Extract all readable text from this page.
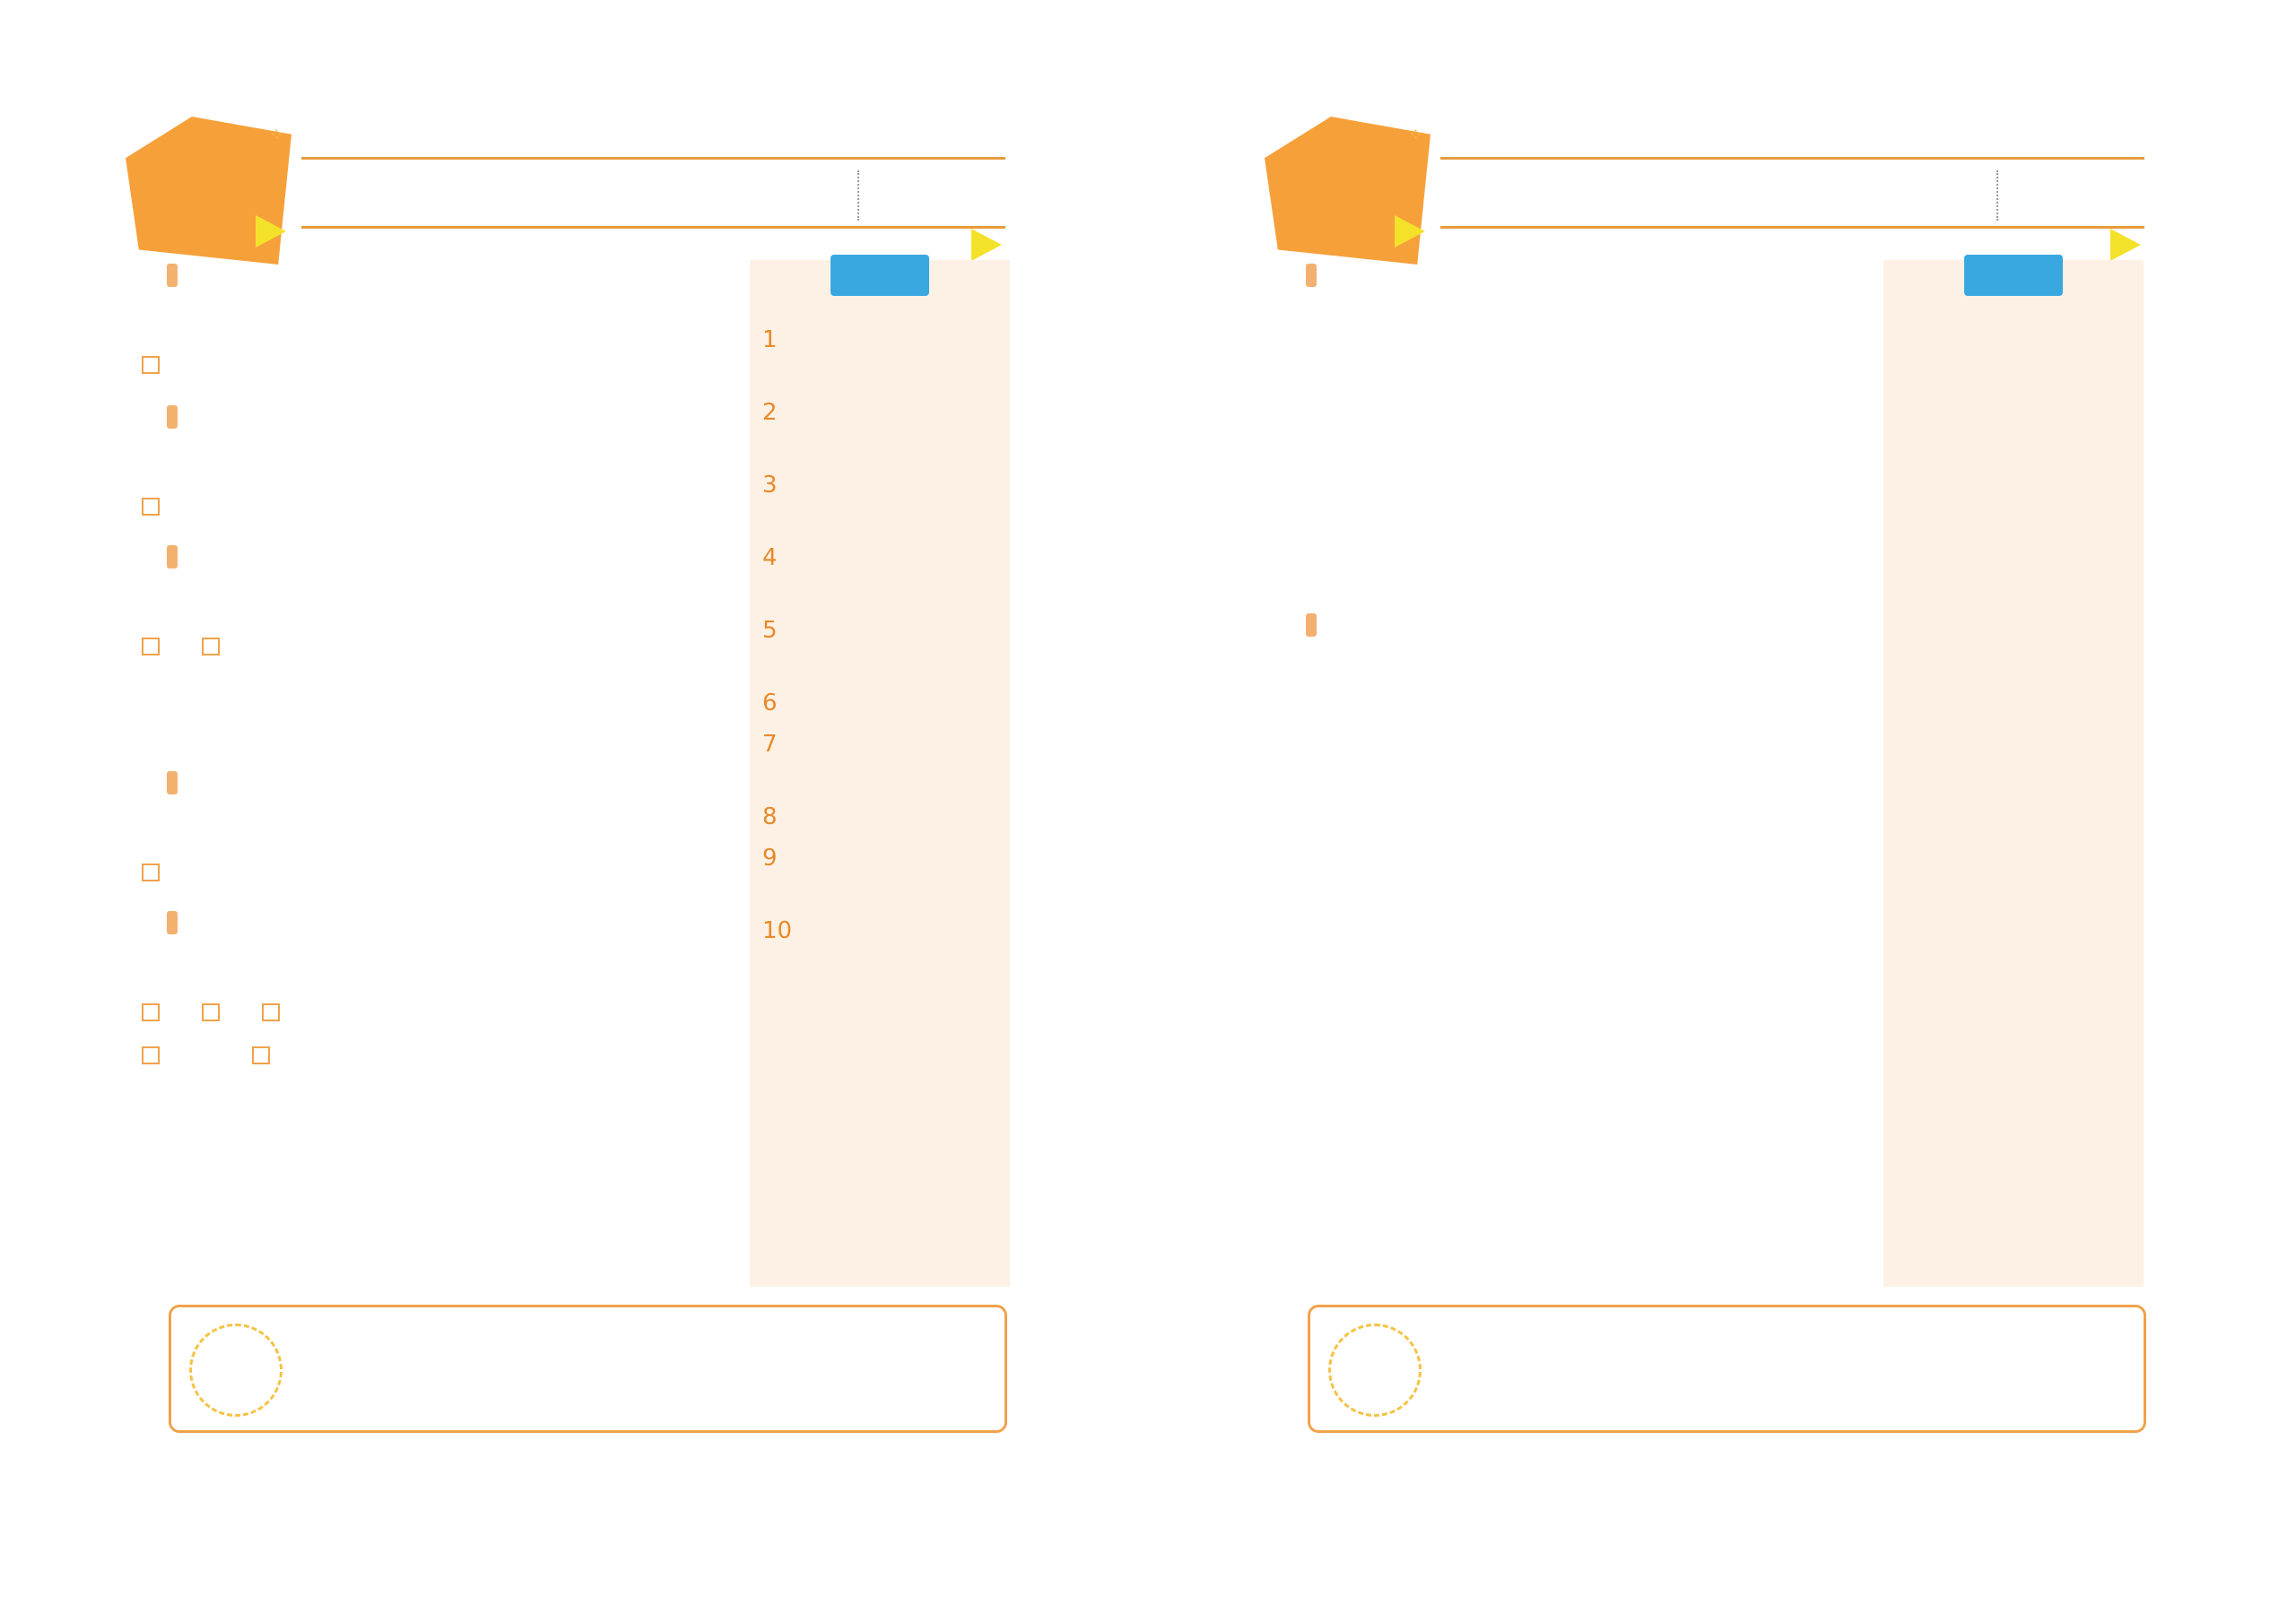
⁘

1
2
3
4
5
6
7
8
9
10
⁘
